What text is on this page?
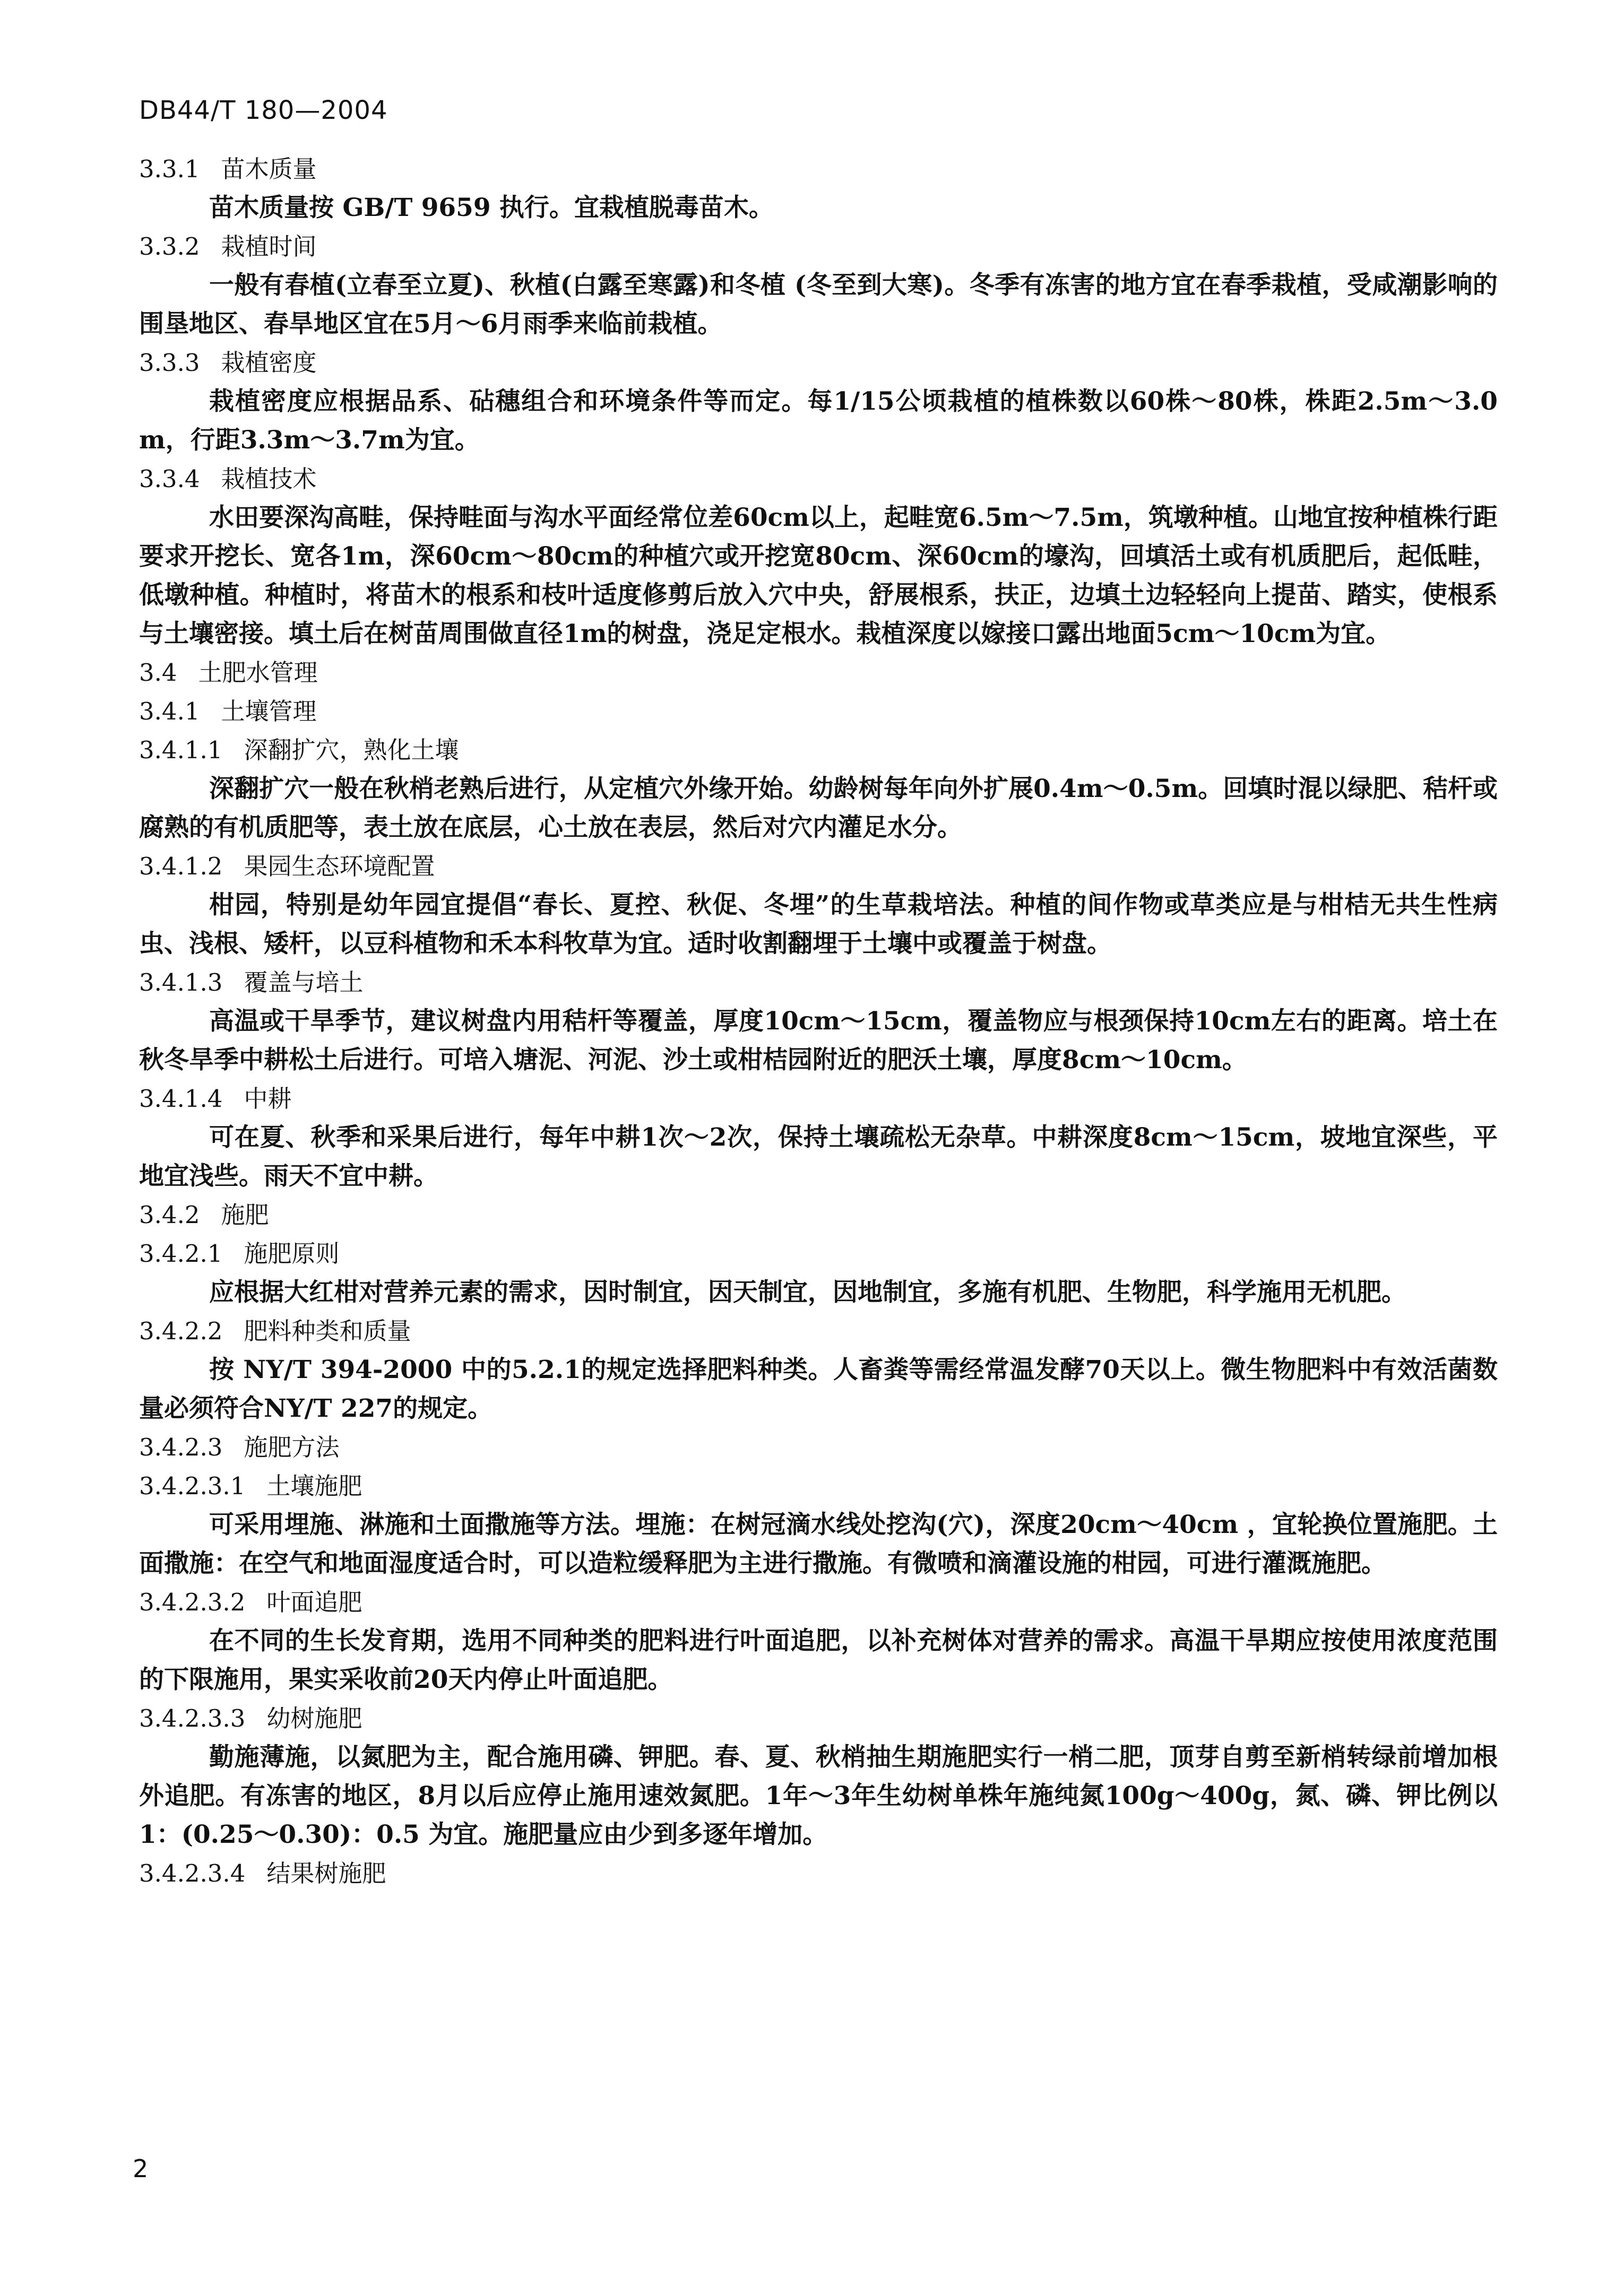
DB44/T 180—2004
3.3.1 苗木质量
苗木质量按 GB/T 9659 执行。宜栽植脱毒苗木。
3.3.2 栽植时间
一般有春植(立春至立夏)、秋植(白露至寒露)和冬植 (冬至到大寒)。冬季有冻害的地方宜在春季栽植，受咸潮影响的围垦地区、春旱地区宜在5月～6月雨季来临前栽植。
3.3.3 栽植密度
栽植密度应根据品系、砧穗组合和环境条件等而定。每1/15公顷栽植的植株数以60株～80株，株距2.5m～3.0m，行距3.3m～3.7m为宜。
3.3.4 栽植技术
水田要深沟高畦，保持畦面与沟水平面经常位差60cm以上，起畦宽6.5m～7.5m，筑墩种植。山地宜按种植株行距要求开挖长、宽各1m，深60cm～80cm的种植穴或开挖宽80cm、深60cm的壕沟，回填活土或有机质肥后，起低畦，低墩种植。种植时，将苗木的根系和枝叶适度修剪后放入穴中央，舒展根系，扶正，边填土边轻轻向上提苗、踏实，使根系与土壤密接。填土后在树苗周围做直径1m的树盘，浇足定根水。栽植深度以嫁接口露出地面5cm～10cm为宜。
3.4 土肥水管理
3.4.1 土壤管理
3.4.1.1 深翻扩穴，熟化土壤
深翻扩穴一般在秋梢老熟后进行，从定植穴外缘开始。幼龄树每年向外扩展0.4m～0.5m。回填时混以绿肥、秸杆或腐熟的有机质肥等，表土放在底层，心土放在表层，然后对穴内灌足水分。
3.4.1.2 果园生态环境配置
柑园，特别是幼年园宜提倡“春长、夏控、秋促、冬埋”的生草栽培法。种植的间作物或草类应是与柑桔无共生性病虫、浅根、矮杆，以豆科植物和禾本科牧草为宜。适时收割翻埋于土壤中或覆盖于树盘。
3.4.1.3 覆盖与培土
高温或干旱季节，建议树盘内用秸杆等覆盖，厚度10cm～15cm，覆盖物应与根颈保持10cm左右的距离。培土在秋冬旱季中耕松土后进行。可培入塘泥、河泥、沙土或柑桔园附近的肥沃土壤，厚度8cm～10cm。
3.4.1.4 中耕
可在夏、秋季和采果后进行，每年中耕1次～2次，保持土壤疏松无杂草。中耕深度8cm～15cm，坡地宜深些，平地宜浅些。雨天不宜中耕。
3.4.2 施肥
3.4.2.1 施肥原则
应根据大红柑对营养元素的需求，因时制宜，因天制宜，因地制宜，多施有机肥、生物肥，科学施用无机肥。
3.4.2.2 肥料种类和质量
按 NY/T 394-2000 中的5.2.1的规定选择肥料种类。人畜粪等需经常温发酵70天以上。微生物肥料中有效活菌数量必须符合NY/T 227的规定。
3.4.2.3 施肥方法
3.4.2.3.1 土壤施肥
可采用埋施、淋施和土面撒施等方法。埋施：在树冠滴水线处挖沟(穴)，深度20cm～40cm ，宜轮换位置施肥。土面撒施：在空气和地面湿度适合时，可以造粒缓释肥为主进行撒施。有微喷和滴灌设施的柑园，可进行灌溉施肥。
3.4.2.3.2 叶面追肥
在不同的生长发育期，选用不同种类的肥料进行叶面追肥，以补充树体对营养的需求。高温干旱期应按使用浓度范围的下限施用，果实采收前20天内停止叶面追肥。
3.4.2.3.3 幼树施肥
勤施薄施，以氮肥为主，配合施用磷、钾肥。春、夏、秋梢抽生期施肥实行一梢二肥，顶芽自剪至新梢转绿前增加根外追肥。有冻害的地区，8月以后应停止施用速效氮肥。1年～3年生幼树单株年施纯氮100g～400g，氮、磷、钾比例以 1：(0.25～0.30)：0.5 为宜。施肥量应由少到多逐年增加。
3.4.2.3.4 结果树施肥
2
